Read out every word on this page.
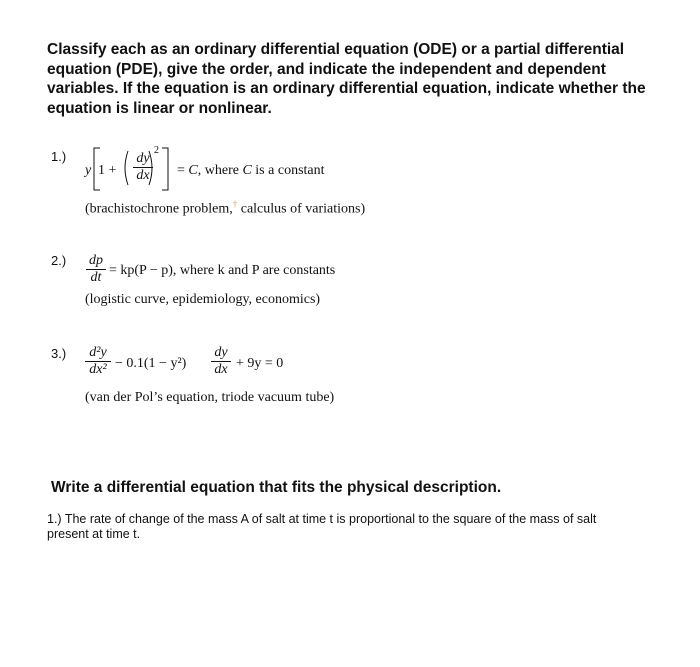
Classify each as an ordinary differential equation (ODE) or a partial differential equation (PDE), give the order, and indicate the independent and dependent variables. If the equation is an ordinary differential equation, indicate whether the equation is linear or nonlinear.
1.)
y $1 + \frac{dy}{dx}$
2
= C, where C is a constant
(brachistochrone problem,† calculus of variations)
$2.) \frac{dp}{dt} = kp(P - p)$, where k and P are constants
(logistic curve, epidemiology, economics)
$3.) \frac{\text{d²y}}{\text{dx²}} - 0.1(1 - y^2) \frac{dy}{dx} + 9y = 0$
(van der Pol’s equation, triode vacuum tube)
Write a differential equation that fits the physical description.
1.) The rate of change of the mass A of salt at time t is proportional to the square of the mass of salt present at time t.
